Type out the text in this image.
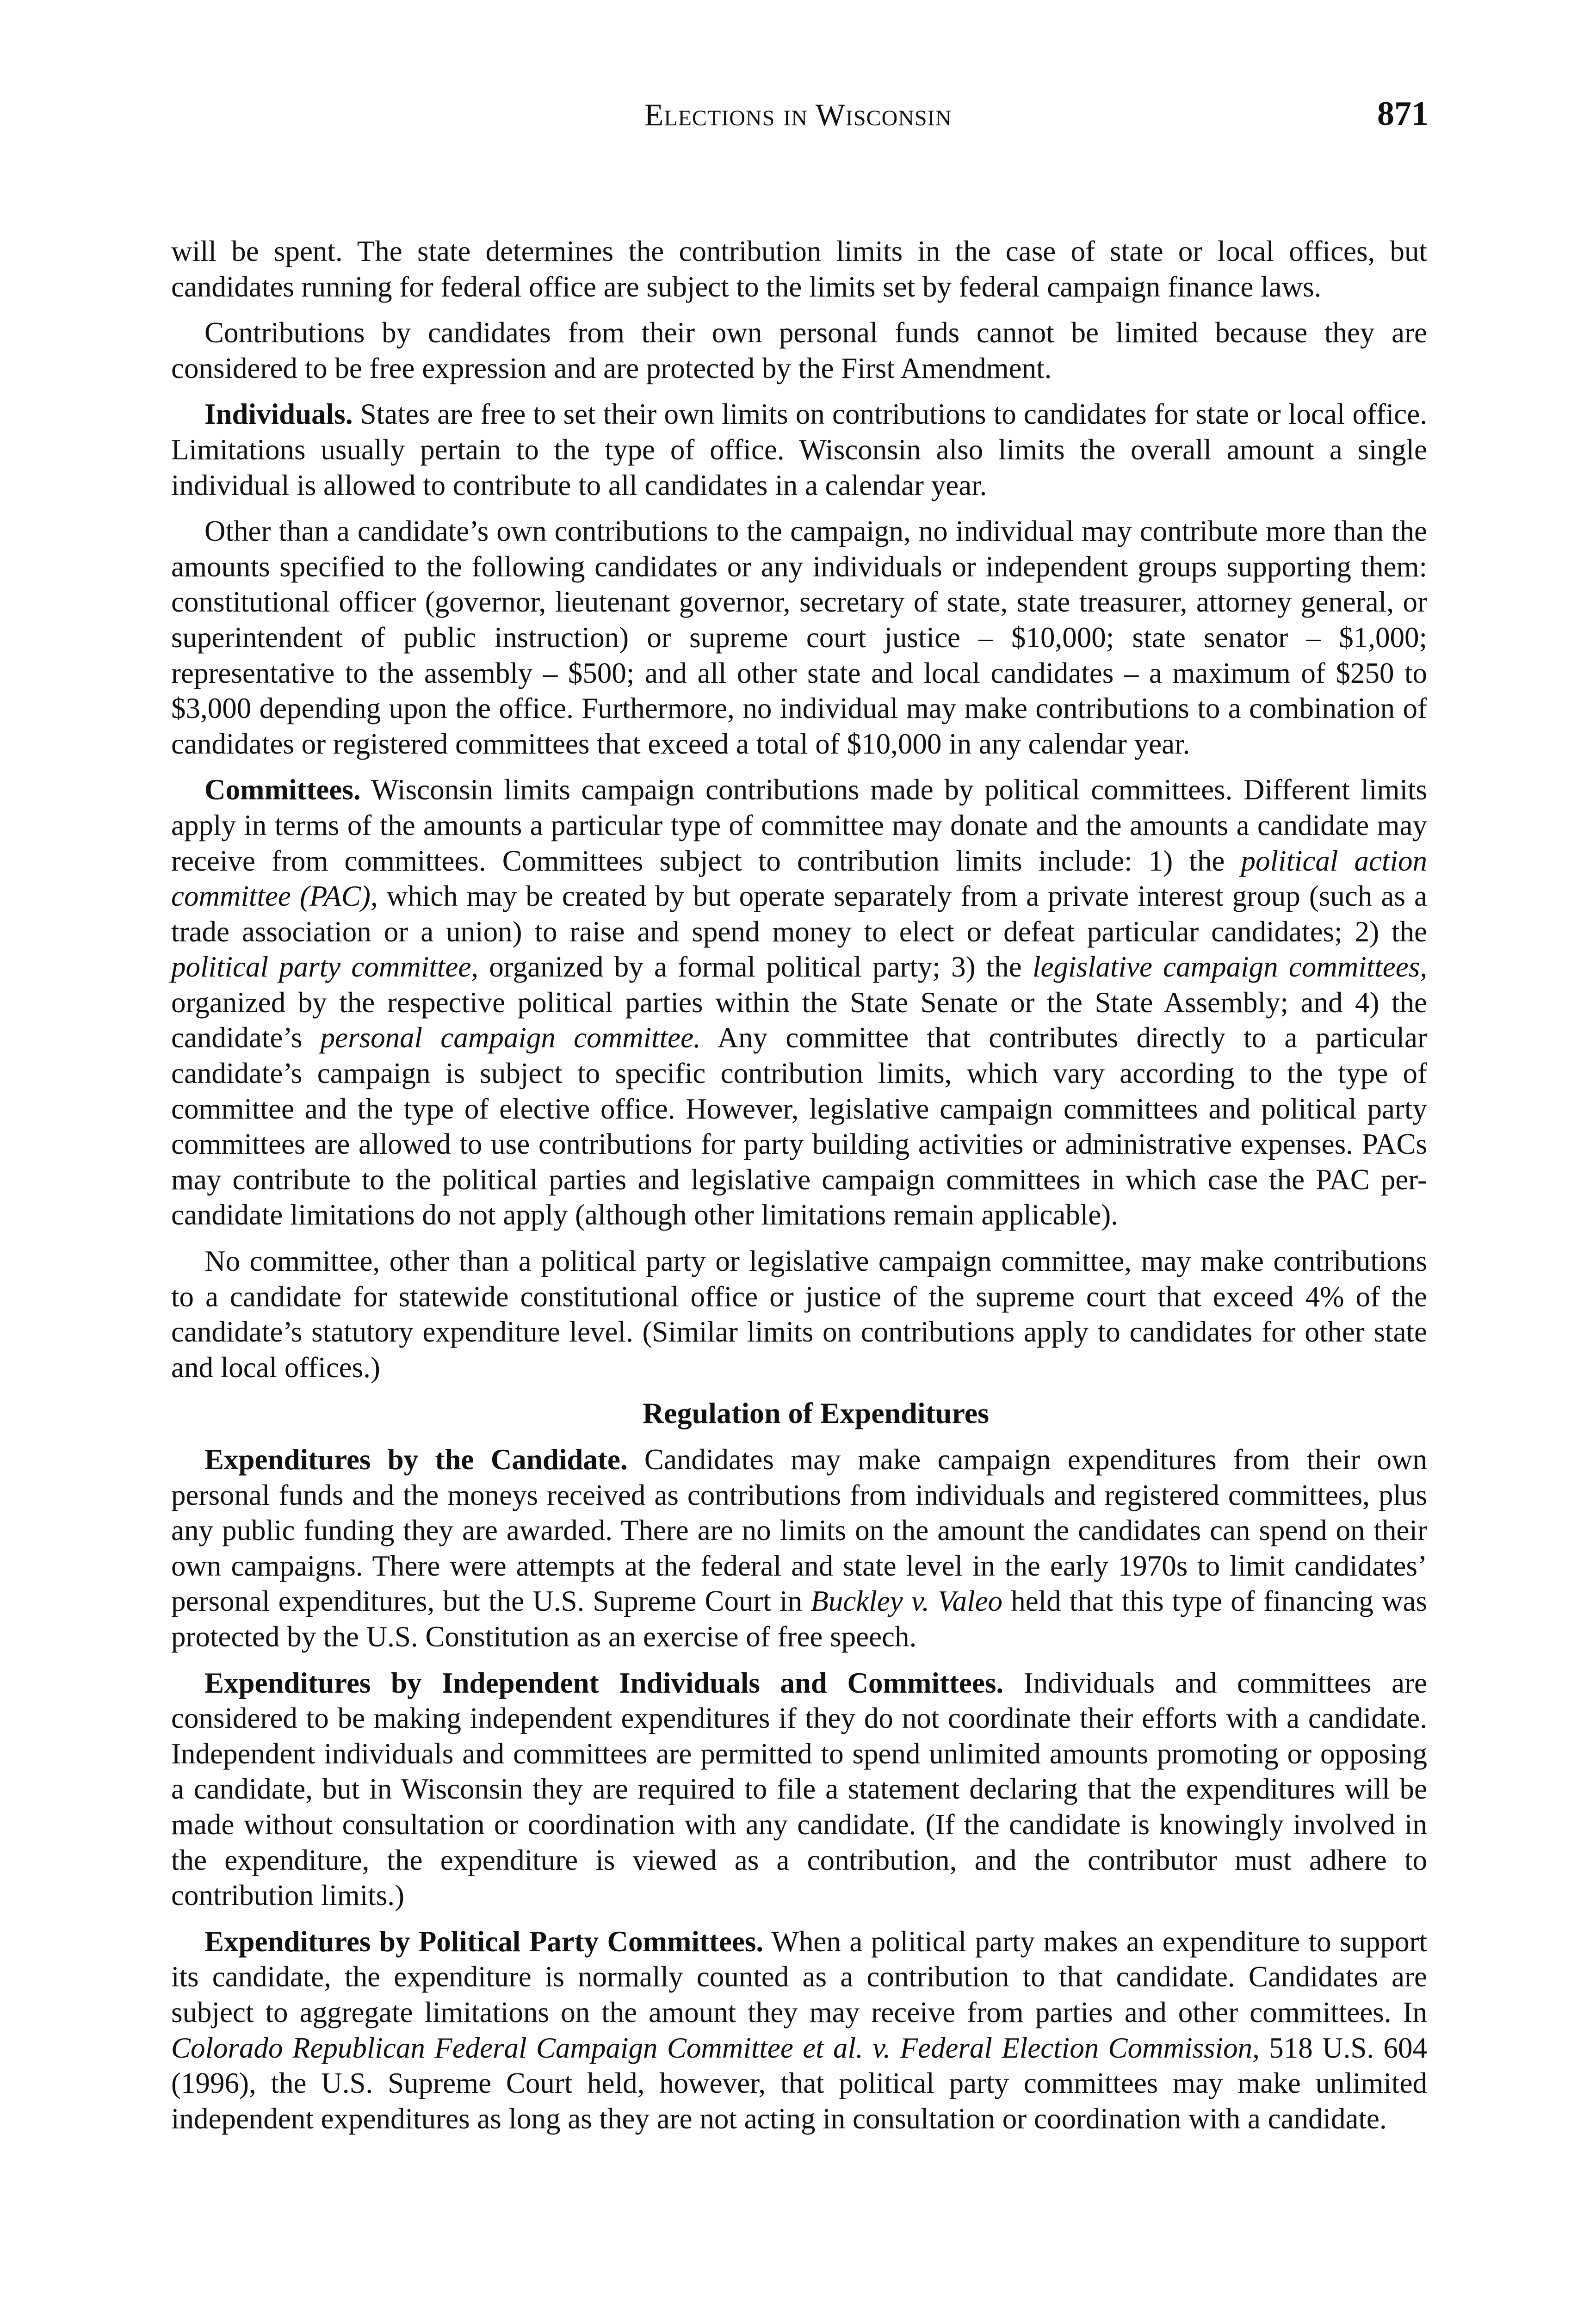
Elections in Wisconsin	871

will be spent. The state determines the contribution limits in the case of state or local offices, but candidates running for federal office are subject to the limits set by federal campaign finance laws.

Contributions by candidates from their own personal funds cannot be limited because they are considered to be free expression and are protected by the First Amendment.

Individuals. States are free to set their own limits on contributions to candidates for state or local office. Limitations usually pertain to the type of office. Wisconsin also limits the overall amount a single individual is allowed to contribute to all candidates in a calendar year.

Other than a candidate’s own contributions to the campaign, no individual may contribute more than the amounts specified to the following candidates or any individuals or independent groups supporting them: constitutional officer (governor, lieutenant governor, secretary of state, state treasurer, attorney general, or superintendent of public instruction) or supreme court justice – $10,000; state senator – $1,000; representative to the assembly – $500; and all other state and local candidates – a maximum of $250 to $3,000 depending upon the office. Furthermore, no individual may make contributions to a combination of candidates or registered committees that exceed a total of $10,000 in any calendar year.

Committees. Wisconsin limits campaign contributions made by political committees. Different limits apply in terms of the amounts a particular type of committee may donate and the amounts a candidate may receive from committees. Committees subject to contribution limits include: 1) the political action committee (PAC), which may be created by but operate separately from a private interest group (such as a trade association or a union) to raise and spend money to elect or defeat particular candidates; 2) the political party committee, organized by a formal political party; 3) the legislative campaign committees, organized by the respective political parties within the State Senate or the State Assembly; and 4) the candidate’s personal campaign committee. Any committee that contributes directly to a particular candidate’s campaign is subject to specific contribution limits, which vary according to the type of committee and the type of elective office. However, legislative campaign committees and political party committees are allowed to use contributions for party building activities or administrative expenses. PACs may contribute to the political parties and legislative campaign committees in which case the PAC per-candidate limitations do not apply (although other limitations remain applicable).

No committee, other than a political party or legislative campaign committee, may make contributions to a candidate for statewide constitutional office or justice of the supreme court that exceed 4% of the candidate’s statutory expenditure level. (Similar limits on contributions apply to candidates for other state and local offices.)

Regulation of Expenditures

Expenditures by the Candidate. Candidates may make campaign expenditures from their own personal funds and the moneys received as contributions from individuals and registered committees, plus any public funding they are awarded. There are no limits on the amount the candidates can spend on their own campaigns. There were attempts at the federal and state level in the early 1970s to limit candidates’ personal expenditures, but the U.S. Supreme Court in Buckley v. Valeo held that this type of financing was protected by the U.S. Constitution as an exercise of free speech.

Expenditures by Independent Individuals and Committees. Individuals and committees are considered to be making independent expenditures if they do not coordinate their efforts with a candidate. Independent individuals and committees are permitted to spend unlimited amounts promoting or opposing a candidate, but in Wisconsin they are required to file a statement declaring that the expenditures will be made without consultation or coordination with any candidate. (If the candidate is knowingly involved in the expenditure, the expenditure is viewed as a contribution, and the contributor must adhere to contribution limits.)

Expenditures by Political Party Committees. When a political party makes an expenditure to support its candidate, the expenditure is normally counted as a contribution to that candidate. Candidates are subject to aggregate limitations on the amount they may receive from parties and other committees. In Colorado Republican Federal Campaign Committee et al. v. Federal Election Commission, 518 U.S. 604 (1996), the U.S. Supreme Court held, however, that political party committees may make unlimited independent expenditures as long as they are not acting in consultation or coordination with a candidate.
